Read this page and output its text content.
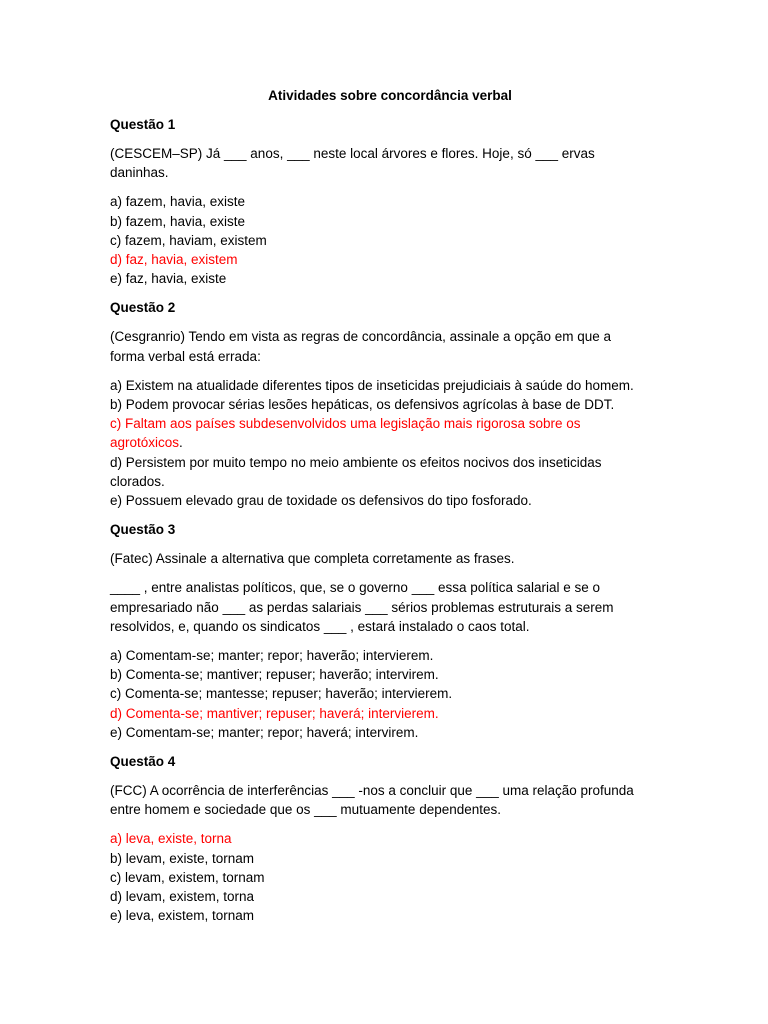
Atividades sobre concordância verbal
Questão 1
(CESCEM–SP) Já ___ anos, ___ neste local árvores e flores. Hoje, só ___ ervas daninhas.
a) fazem, havia, existe
b) fazem, havia, existe
c) fazem, haviam, existem
d) faz, havia, existem
e) faz, havia, existe
Questão 2
(Cesgranrio) Tendo em vista as regras de concordância, assinale a opção em que a forma verbal está errada:
a) Existem na atualidade diferentes tipos de inseticidas prejudiciais à saúde do homem.
b) Podem provocar sérias lesões hepáticas, os defensivos agrícolas à base de DDT.
c) Faltam aos países subdesenvolvidos uma legislação mais rigorosa sobre os agrotóxicos.
d) Persistem por muito tempo no meio ambiente os efeitos nocivos dos inseticidas clorados.
e) Possuem elevado grau de toxidade os defensivos do tipo fosforado.
Questão 3
(Fatec) Assinale a alternativa que completa corretamente as frases.
____ , entre analistas políticos, que, se o governo ___ essa política salarial e se o empresariado não ___ as perdas salariais ___ sérios problemas estruturais a serem resolvidos, e, quando os sindicatos ___ , estará instalado o caos total.
a) Comentam-se; manter; repor; haverão; intervierem.
b) Comenta-se; mantiver; repuser; haverão; intervirem.
c) Comenta-se; mantesse; repuser; haverão; intervierem.
d) Comenta-se; mantiver; repuser; haverá; intervierem.
e) Comentam-se; manter; repor; haverá; intervirem.
Questão 4
(FCC) A ocorrência de interferências ___ -nos a concluir que ___ uma relação profunda entre homem e sociedade que os ___ mutuamente dependentes.
a) leva, existe, torna
b) levam, existe, tornam
c) levam, existem, tornam
d) levam, existem, torna
e) leva, existem, tornam
